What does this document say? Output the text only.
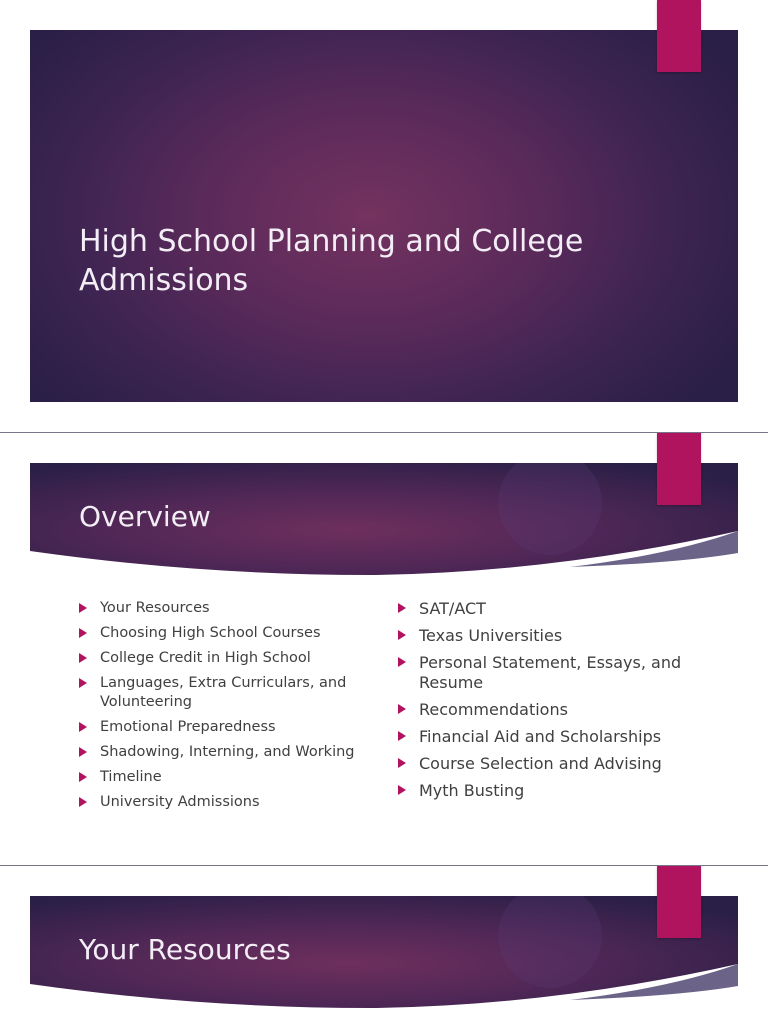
High School Planning and College Admissions
Overview
Your Resources
Choosing High School Courses
College Credit in High School
Languages, Extra Curriculars, and Volunteering
Emotional Preparedness
Shadowing, Interning, and Working
Timeline
University Admissions
SAT/ACT
Texas Universities
Personal Statement, Essays, and Resume
Recommendations
Financial Aid and Scholarships
Course Selection and Advising
Myth Busting
Your Resources
